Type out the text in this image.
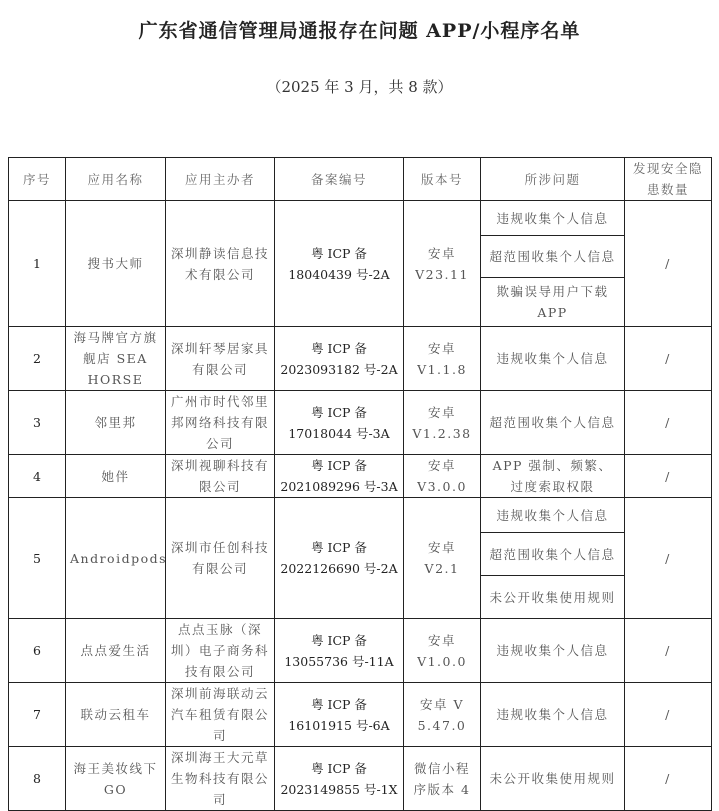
广东省通信管理局通报存在问题 APP/小程序名单
（2025 年 3 月，共 8 款）
序号	应用名称	应用主办者	备案编号	版本号	所涉问题	发现安全隐患数量
1	搜书大师	深圳静读信息技术有限公司	粤 ICP 备 18040439 号-2A	安卓 V23.11	违规收集个人信息
超范围收集个人信息
欺骗误导用户下载 APP	/
2	海马牌官方旗舰店 SEA HORSE	深圳轩琴居家具有限公司	粤 ICP 备 2023093182 号-2A	安卓 V1.1.8	违规收集个人信息	/
3	邻里邦	广州市时代邻里邦网络科技有限公司	粤 ICP 备 17018044 号-3A	安卓 V1.2.38	超范围收集个人信息	/
4	她伴	深圳视聊科技有限公司	粤 ICP 备 2021089296 号-3A	安卓 V3.0.0	APP 强制、频繁、过度索取权限	/
5	Androidpods	深圳市任创科技有限公司	粤 ICP 备 2022126690 号-2A	安卓 V2.1	违规收集个人信息
超范围收集个人信息
未公开收集使用规则	/
6	点点爱生活	点点玉脉（深圳）电子商务科技有限公司	粤 ICP 备 13055736 号-11A	安卓 V1.0.0	违规收集个人信息	/
7	联动云租车	深圳前海联动云汽车租赁有限公司	粤 ICP 备 16101915 号-6A	安卓 V 5.47.0	违规收集个人信息	/
8	海王美妆线下 GO	深圳海王大元草生物科技有限公司	粤 ICP 备 2023149855 号-1X	微信小程序版本 4	未公开收集使用规则	/
